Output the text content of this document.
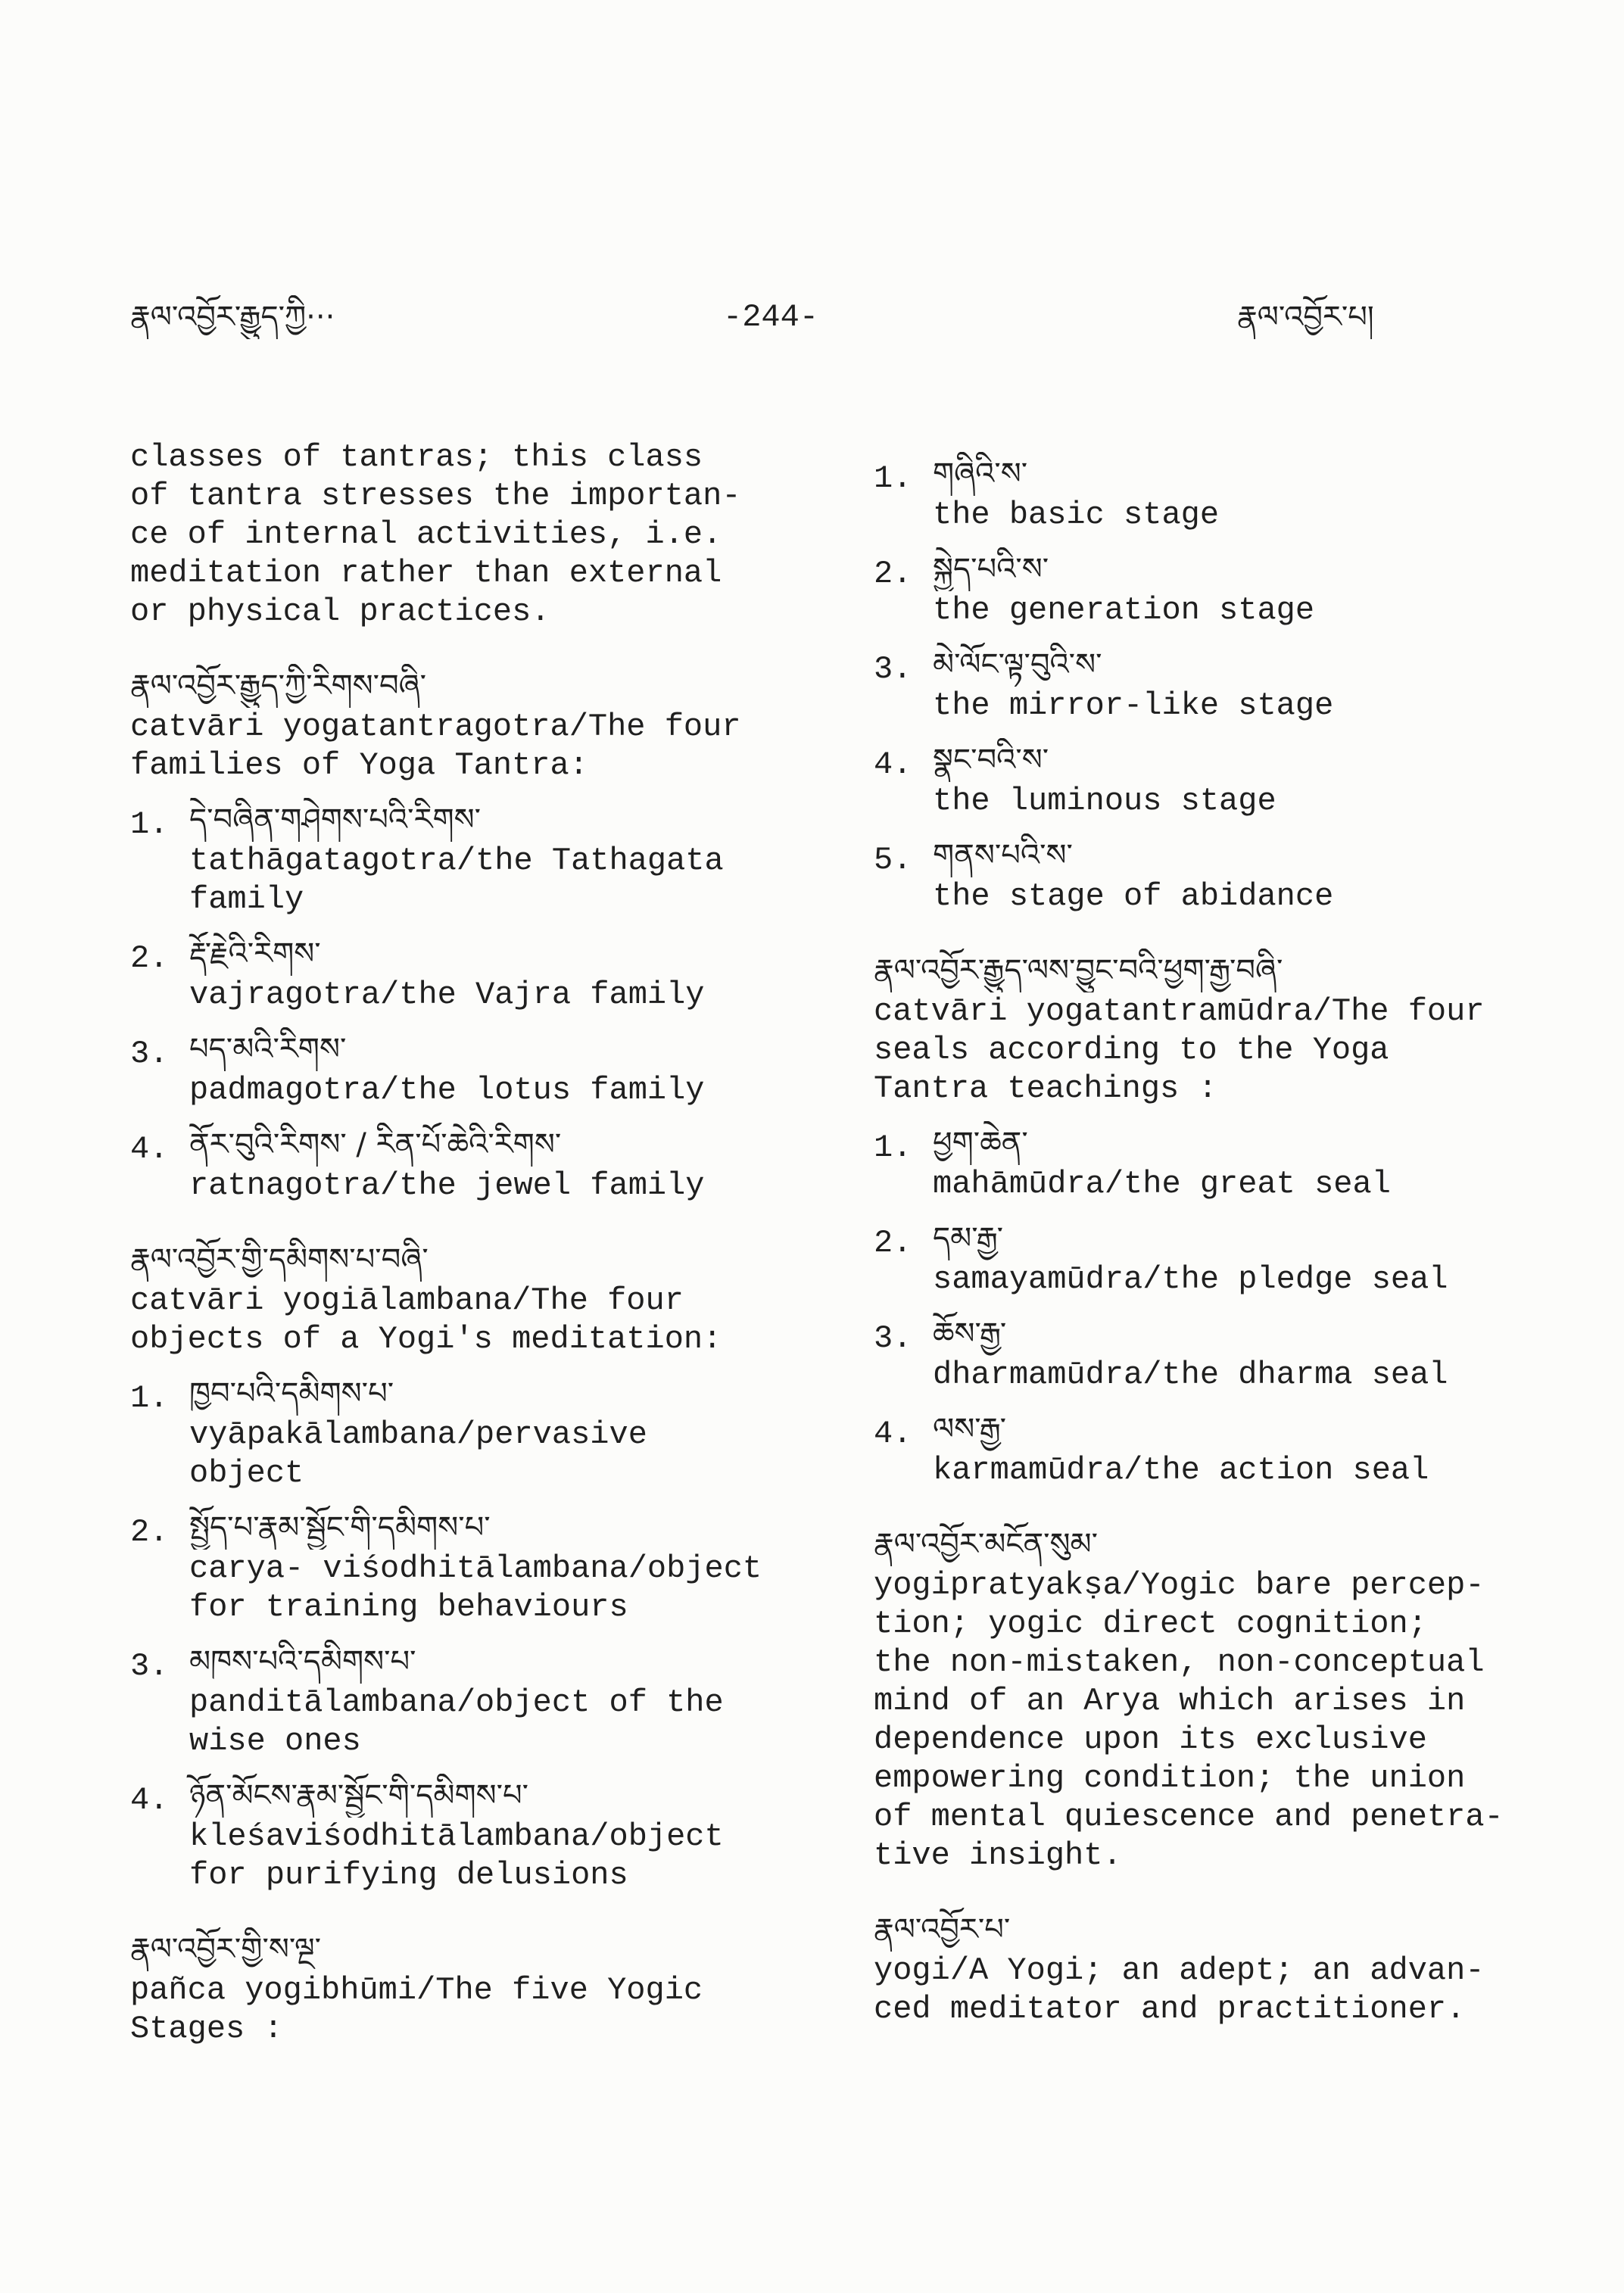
རྣལ་འབྱོར་རྒྱུད་ཀྱི···	-244-	རྣལ་འབྱོར་པ།
classes of tantras; this class
of tantra stresses the importan-
ce of internal activities, i.e.
meditation rather than external
or physical practices.
རྣལ་འབྱོར་རྒྱུད་ཀྱི་རིགས་བཞི་
catvāri yogatantragotra/The four
families of Yoga Tantra:
1. དེ་བཞིན་གཤེགས་པའི་རིགས་
tathāgatagotra/the Tathagata
family
2. རྡོ་རྗེའི་རིགས་
vajragotra/the Vajra family
3. པད་མའི་རིགས་
padmagotra/the lotus family
4. ནོར་བུའི་རིགས་ / རིན་པོ་ཆེའི་རིགས་
ratnagotra/the jewel family
རྣལ་འབྱོར་གྱི་དམིགས་པ་བཞི་
catvāri yogiālambana/The four
objects of a Yogi's meditation:
1. ཁྱབ་པའི་དམིགས་པ་
vyāpakālambana/pervasive
object
2. སྤྱོད་པ་རྣམ་སྦྱོང་གི་དམིགས་པ་
carya- viśodhitālambana/object
for training behaviours
3. མཁས་པའི་དམིགས་པ་
panditālambana/object of the
wise ones
4. ཉོན་མོངས་རྣམ་སྦྱོང་གི་དམིགས་པ་
kleśaviśodhitālambana/object
for purifying delusions
རྣལ་འབྱོར་གྱི་ས་ལྔ་
pañca yogibhūmi/The five Yogic
Stages :
1. གཞིའི་ས་
the basic stage
2. སྐྱེད་པའི་ས་
the generation stage
3. མེ་ལོང་ལྟ་བུའི་ས་
the mirror-like stage
4. སྣང་བའི་ས་
the luminous stage
5. གནས་པའི་ས་
the stage of abidance
རྣལ་འབྱོར་རྒྱུད་ལས་བྱུང་བའི་ཕྱག་རྒྱ་བཞི་
catvāri yogatantramūdra/The four
seals according to the Yoga
Tantra teachings :
1. ཕྱག་ཆེན་
mahāmūdra/the great seal
2. དམ་རྒྱ་
samayamūdra/the pledge seal
3. ཆོས་རྒྱ་
dharmamūdra/the dharma seal
4. ལས་རྒྱ་
karmamūdra/the action seal
རྣལ་འབྱོར་མངོན་སུམ་
yogipratyakṣa/Yogic bare percep-
tion; yogic direct cognition;
the non-mistaken, non-conceptual
mind of an Arya which arises in
dependence upon its exclusive
empowering condition; the union
of mental quiescence and penetra-
tive insight.
རྣལ་འབྱོར་པ་
yogi/A Yogi; an adept; an advan-
ced meditator and practitioner.
